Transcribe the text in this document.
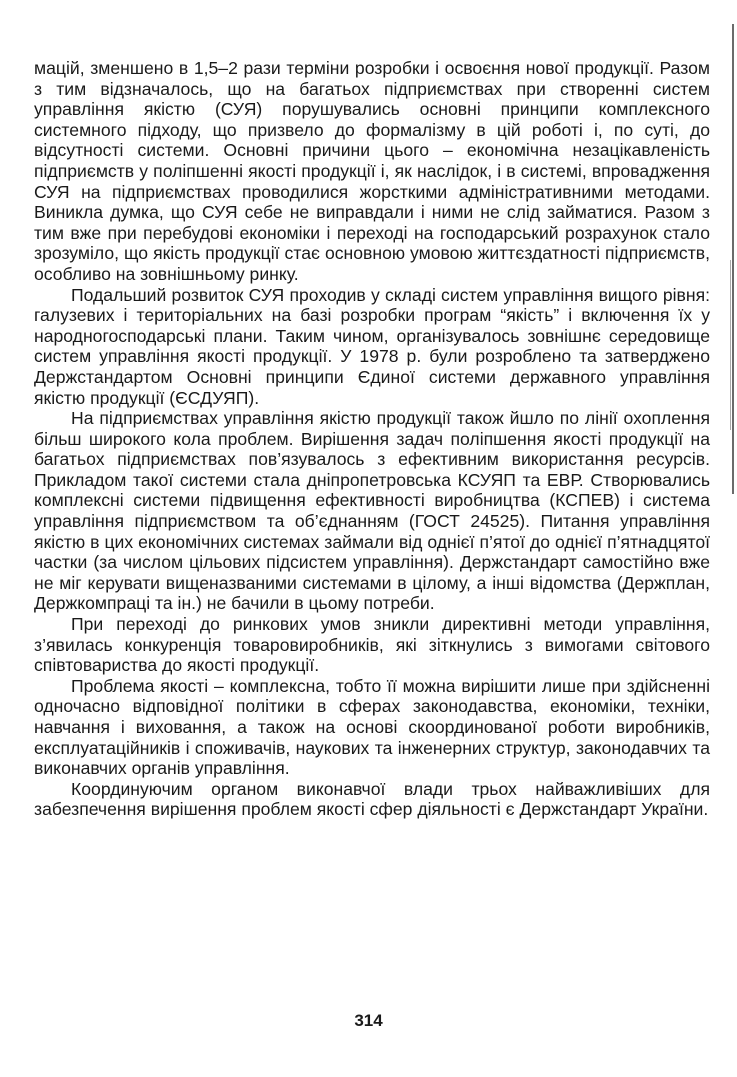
мацій, зменшено в 1,5–2 рази терміни розробки і освоєння нової продукції. Разом з тим відзначалось, що на багатьох підприємствах при створенні систем управління якістю (СУЯ) порушувались основні принципи комплексного системного підходу, що призвело до формалізму в цій роботі і, по суті, до відсутності системи. Основні причини цього – економічна незацікавленість підприємств у поліпшенні якості продукції і, як наслідок, і в системі, впровадження СУЯ на підприємствах проводилися жорсткими адміністративними методами. Виникла думка, що СУЯ себе не виправдали і ними не слід займатися. Разом з тим вже при перебудові економіки і переході на господарський розрахунок стало зрозуміло, що якість продукції стає основною умовою життєздатності підприємств, особливо на зовнішньому ринку.

Подальший розвиток СУЯ проходив у складі систем управління вищого рівня: галузевих і територіальних на базі розробки програм “якість” і включення їх у народногосподарські плани. Таким чином, організувалось зовнішнє середовище систем управління якості продукції. У 1978 р. були розроблено та затверджено Держстандартом Основні принципи Єдиної системи державного управління якістю продукції (ЄСДУЯП).

На підприємствах управління якістю продукції також йшло по лінії охоплення більш широкого кола проблем. Вирішення задач поліпшення якості продукції на багатьох підприємствах пов’язувалось з ефективним використання ресурсів. Прикладом такої системи стала дніпропетровська КСУЯП та ЕВР. Створювались комплексні системи підвищення ефективності виробництва (КСПЕВ) і система управління підприємством та об’єднанням (ГОСТ 24525). Питання управління якістю в цих економічних системах займали від однієї п’ятої до однієї п’ятнадцятої частки (за числом цільових підсистем управління). Держстандарт самостійно вже не міг керувати вищеназваними системами в цілому, а інші відомства (Держплан, Держкомпраці та ін.) не бачили в цьому потреби.

При переході до ринкових умов зникли директивні методи управління, з’явилась конкуренція товаровиробників, які зіткнулись з вимогами світового співтовариства до якості продукції.

Проблема якості – комплексна, тобто її можна вирішити лише при здійсненні одночасно відповідної політики в сферах законодавства, економіки, техніки, навчання і виховання, а також на основі скоординованої роботи виробників, експлуатаційників і споживачів, наукових та інженерних структур, законодавчих та виконавчих органів управління.

Координуючим органом виконавчої влади трьох найважливіших для забезпечення вирішення проблем якості сфер діяльності є Держстандарт України.

314
